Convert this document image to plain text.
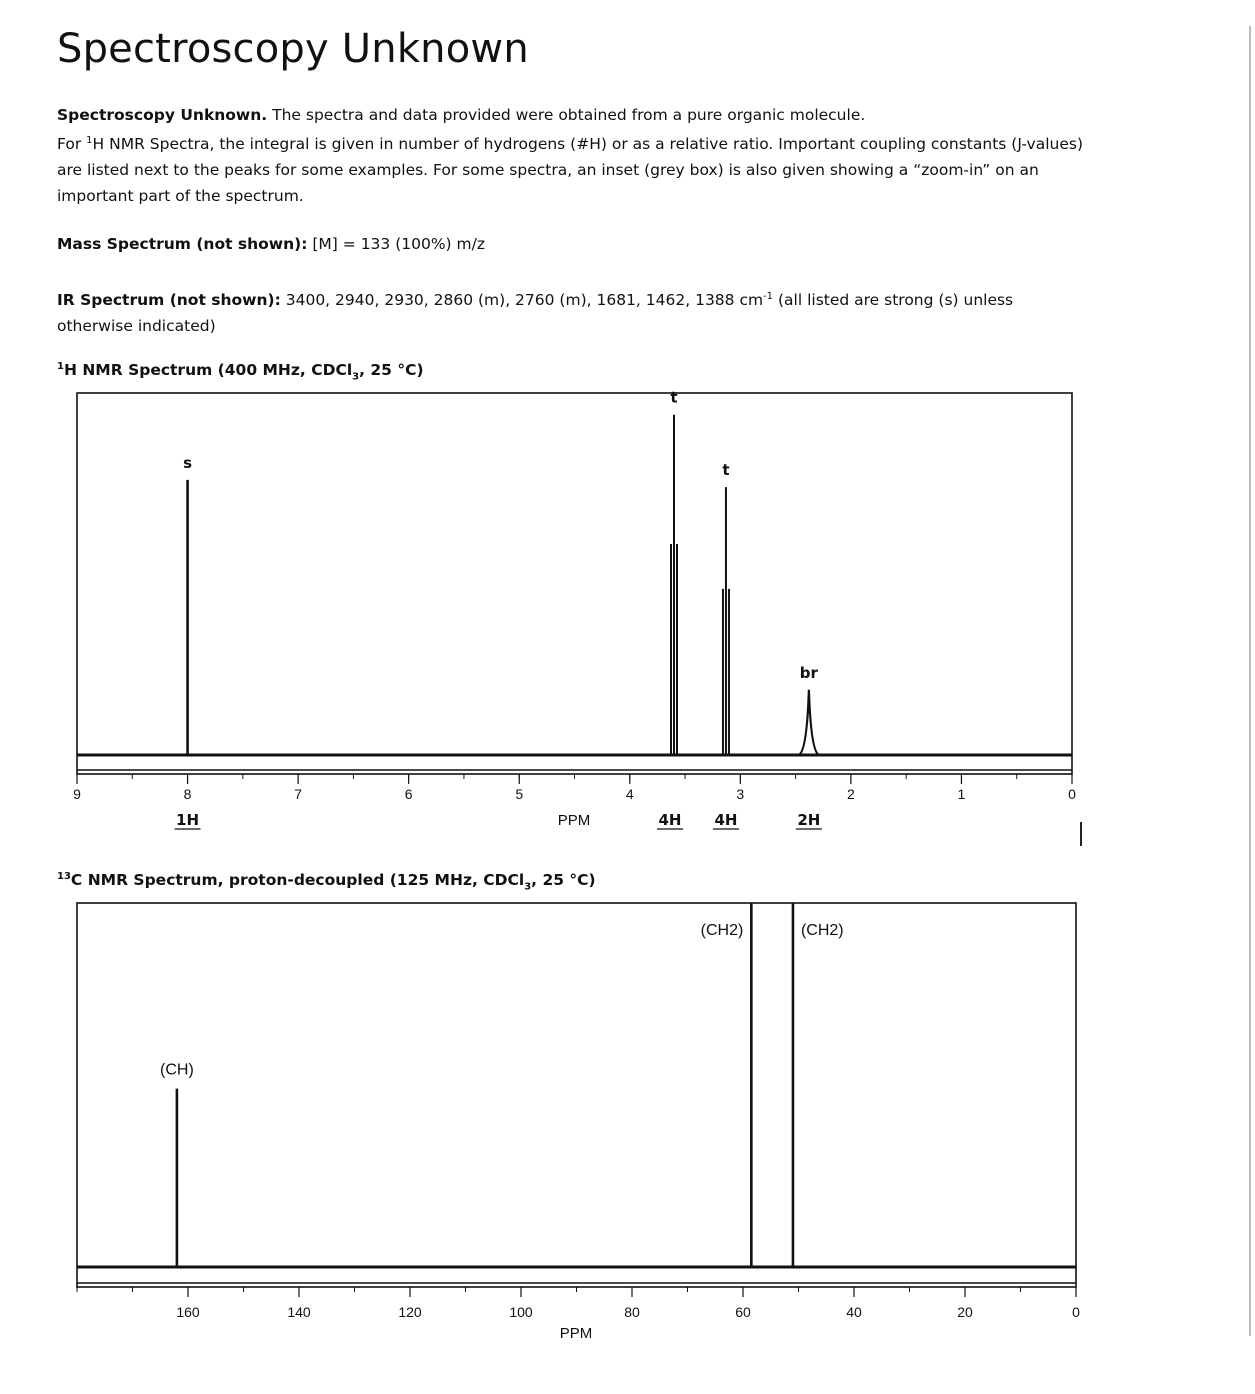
Spectroscopy Unknown
Spectroscopy Unknown. The spectra and data provided were obtained from a pure organic molecule.
For $^1$H NMR Spectra, the integral is given in number of hydrogens (#H) or as a relative ratio. Important coupling constants (J-values) are listed next to the peaks for some examples. For some spectra, an inset (grey box) is also given showing a “zoom-in” on an important part of the spectrum.
Mass Spectrum (not shown): [M] = 133 (100%) m/z
IR Spectrum (not shown): 3400, 2940, 2930, 2860 (m), 2760 (m), 1681, 1462, 1388 $cm^{-1}$ (all listed are strong (s) unless otherwise indicated)
$^1$H NMR Spectrum (400 MHz, CDCl$_3$, 25 °C)
$^{13}$C NMR Spectrum, proton-decoupled (125 MHz, CDCl$_3$, 25 °C)
9	8	7	6	5	4	3	2	1	0
PPM
s
1H
t
4H
t
4H
br
2H
160	140	120	100	80	60	40	20	0
PPM
(CH)
(CH2)	(CH2)
